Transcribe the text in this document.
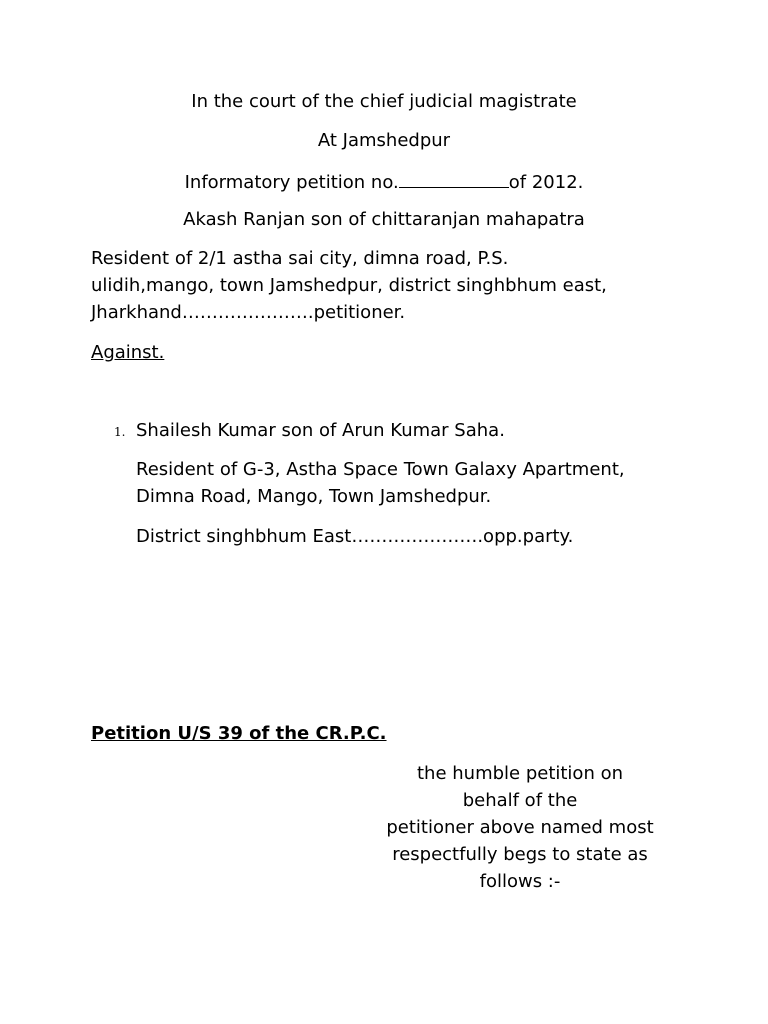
In the court of the chief judicial magistrate
At Jamshedpur
Informatory petition no.	of 2012.
Akash Ranjan son of chittaranjan mahapatra
Resident of 2/1 astha sai city, dimna road, P.S.
ulidih,mango, town Jamshedpur, district singhbhum east,
Jharkhand………………….petitioner.
Against.
1. Shailesh Kumar son of Arun Kumar Saha.
Resident of G-3, Astha Space Town Galaxy Apartment,
Dimna Road, Mango, Town Jamshedpur.
District singhbhum East………………….opp.party.
Petition U/S 39 of the CR.P.C.
the humble petition on
behalf of the
petitioner above named most
respectfully begs to state as
follows :-
